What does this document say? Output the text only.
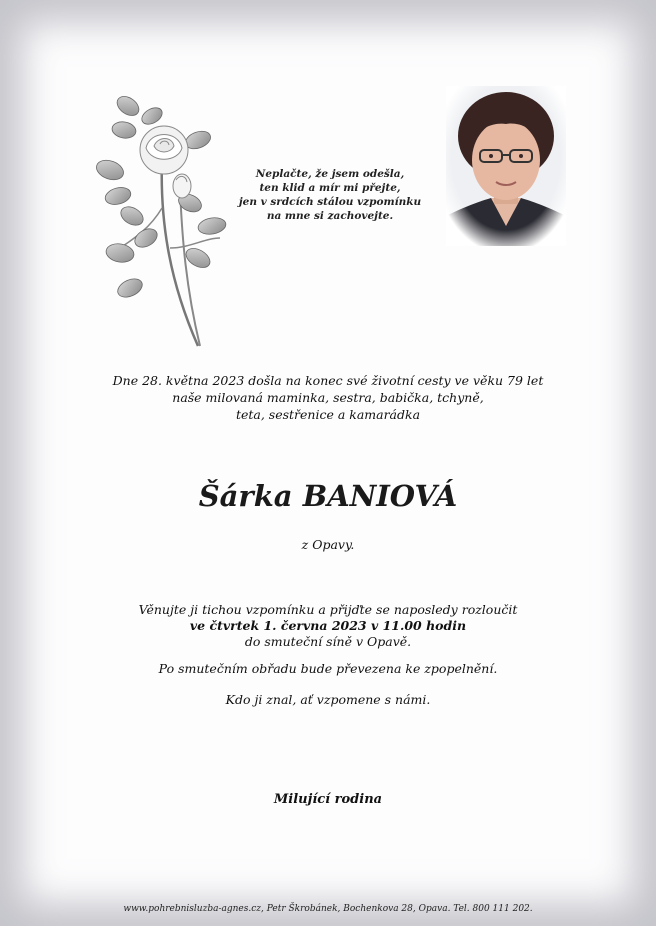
Neplačte, že jsem odešla,
ten klid a mír mi přejte,
jen v srdcích stálou vzpomínku
na mne si zachovejte.
Dne 28. května 2023 došla na konec své životní cesty ve věku 79 let
naše milovaná maminka, sestra, babička, tchyně,
teta, sestřenice a kamarádka
Šárka BANIOVÁ
z Opavy.
Věnujte ji tichou vzpomínku a přijďte se naposledy rozloučit
ve čtvrtek 1. června 2023 v 11.00 hodin
do smuteční síně v Opavě.
Po smutečním obřadu bude převezena ke zpopelnění.
Kdo ji znal, ať vzpomene s námi.
Milující rodina
www.pohrebnisluzba-agnes.cz, Petr Škrobánek, Bochenkova 28, Opava. Tel. 800 111 202.
